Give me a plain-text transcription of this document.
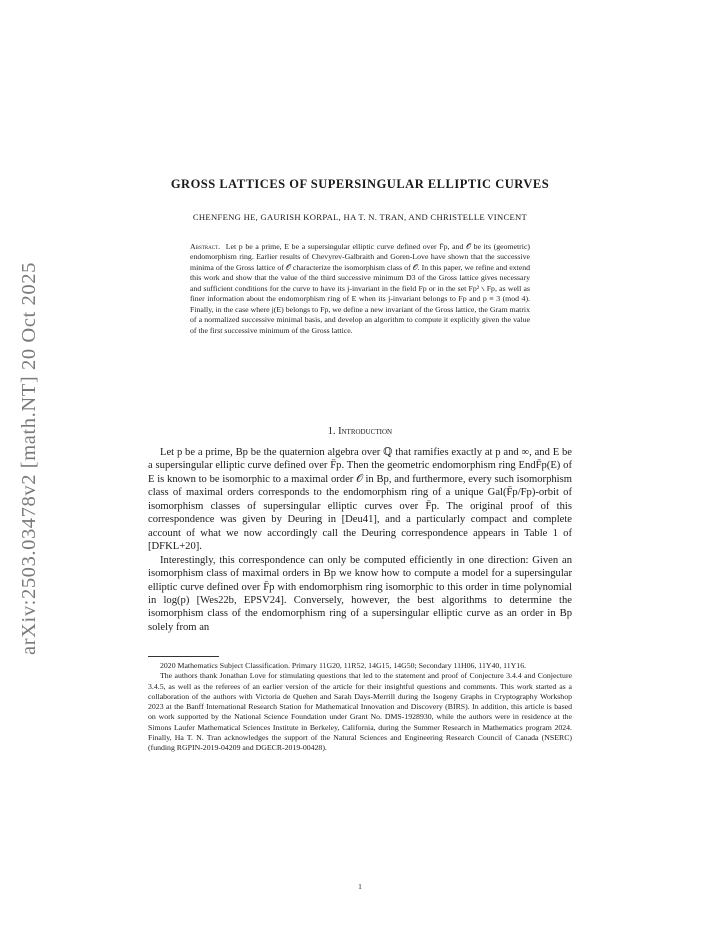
arXiv:2503.03478v2 [math.NT] 20 Oct 2025
GROSS LATTICES OF SUPERSINGULAR ELLIPTIC CURVES
CHENFENG HE, GAURISH KORPAL, HA T. N. TRAN, AND CHRISTELLE VINCENT
Abstract. Let p be a prime, E be a supersingular elliptic curve defined over F̄p, and 𝒪 be its (geometric) endomorphism ring. Earlier results of Chevyrev-Galbraith and Goren-Love have shown that the successive minima of the Gross lattice of 𝒪 characterize the isomorphism class of 𝒪. In this paper, we refine and extend this work and show that the value of the third successive minimum D3 of the Gross lattice gives necessary and sufficient conditions for the curve to have its j-invariant in the field Fp or in the set Fp² ∖ Fp, as well as finer information about the endomorphism ring of E when its j-invariant belongs to Fp and p ≡ 3 (mod 4). Finally, in the case where j(E) belongs to Fp, we define a new invariant of the Gross lattice, the Gram matrix of a normalized successive minimal basis, and develop an algorithm to compute it explicitly given the value of the first successive minimum of the Gross lattice.
1. Introduction

Let p be a prime, Bp be the quaternion algebra over ℚ that ramifies exactly at p and ∞, and E be a supersingular elliptic curve defined over F̄p. Then the geometric endomorphism ring EndF̄p(E) of E is known to be isomorphic to a maximal order 𝒪 in Bp, and furthermore, every such isomorphism class of maximal orders corresponds to the endomorphism ring of a unique Gal(F̄p/Fp)-orbit of isomorphism classes of supersingular elliptic curves over F̄p. The original proof of this correspondence was given by Deuring in [Deu41], and a particularly compact and complete account of what we now accordingly call the Deuring correspondence appears in Table 1 of [DFKL+20].

Interestingly, this correspondence can only be computed efficiently in one direction: Given an isomorphism class of maximal orders in Bp we know how to compute a model for a supersingular elliptic curve defined over F̄p with endomorphism ring isomorphic to this order in time polynomial in log(p) [Wes22b, EPSV24]. Conversely, however, the best algorithms to determine the isomorphism class of the endomorphism ring of a supersingular elliptic curve as an order in Bp solely from an

2020 Mathematics Subject Classification. Primary 11G20, 11R52, 14G15, 14G50; Secondary 11H06, 11Y40, 11Y16.

The authors thank Jonathan Love for stimulating questions that led to the statement and proof of Conjecture 3.4.4 and Conjecture 3.4.5, as well as the referees of an earlier version of the article for their insightful questions and comments. This work started as a collaboration of the authors with Victoria de Quehen and Sarah Days-Merrill during the Isogeny Graphs in Cryptography Workshop 2023 at the Banff International Research Station for Mathematical Innovation and Discovery (BIRS). In addition, this article is based on work supported by the National Science Foundation under Grant No. DMS-1928930, while the authors were in residence at the Simons Laufer Mathematical Sciences Institute in Berkeley, California, during the Summer Research in Mathematics program 2024. Finally, Ha T. N. Tran acknowledges the support of the Natural Sciences and Engineering Research Council of Canada (NSERC) (funding RGPIN-2019-04209 and DGECR-2019-00428).

1
